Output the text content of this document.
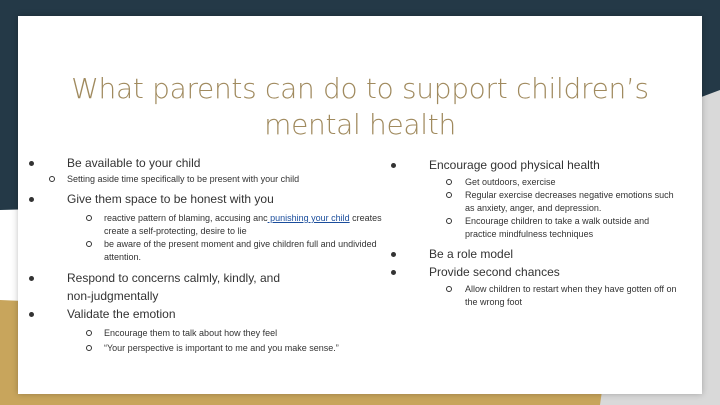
What parents can do to support children’s mental health
Be available to your child
Setting aside time specifically to be present with your child
Give them space to be honest with you
reactive pattern of blaming, accusing anc punishing your child creates create a self-protecting, desire to lie
be aware of the present moment and give children full and undivided attention.
Respond to concerns calmly, kindly, and non-judgmentally
Validate the emotion
Encourage them to talk about how they feel
“Your perspective is important to me and you make sense.”
Encourage good physical health
Get outdoors, exercise
Regular exercise decreases negative emotions such as anxiety, anger, and depression.
Encourage children to take a walk outside and practice mindfulness techniques
Be a role model
Provide second chances
Allow children to restart when they have gotten off on the wrong foot
